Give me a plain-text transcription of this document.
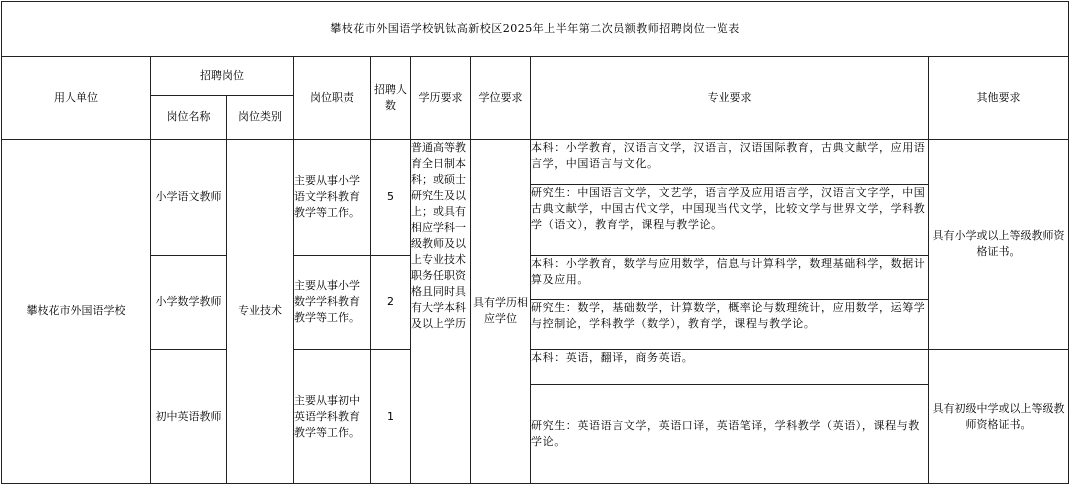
攀枝花市外国语学校钒钛高新校区2025年上半年第二次员额教师招聘岗位一览表								
用人单位	招聘岗位		岗位职责	招聘人数	学历要求	学位要求	专业要求	其他要求
	岗位名称	岗位类别						
攀枝花市外国语学校	小学语文教师	专业技术	主要从事小学语文学科教育教学等工作。	5	普通高等教育全日制本科；或硕士研究生及以上；或具有相应学科一级教师及以上专业技术职务任职资格且同时具有大学本科及以上学历	具有学历相应学位	本科：小学教育，汉语言文学，汉语言，汉语国际教育，古典文献学，应用语言学，中国语言与文化。	具有小学或以上等级教师资格证书。
							研究生：中国语言文学，文艺学，语言学及应用语言学，汉语言文字学，中国古典文献学，中国古代文学，中国现当代文学，比较文学与世界文学，学科教学（语文），教育学，课程与教学论。	
	小学数学教师		主要从事小学数学学科教育教学等工作。	2			本科：小学教育，数学与应用数学，信息与计算科学，数理基础科学，数据计算及应用。	
							研究生：数学，基础数学，计算数学，概率论与数理统计，应用数学，运筹学与控制论，学科教学（数学），教育学，课程与教学论。	
	初中英语教师		主要从事初中英语学科教育教学等工作。	1			本科：英语，翻译，商务英语。	具有初级中学或以上等级教师资格证书。
							研究生：英语语言文学，英语口译，英语笔译，学科教学（英语），课程与教学论。	
